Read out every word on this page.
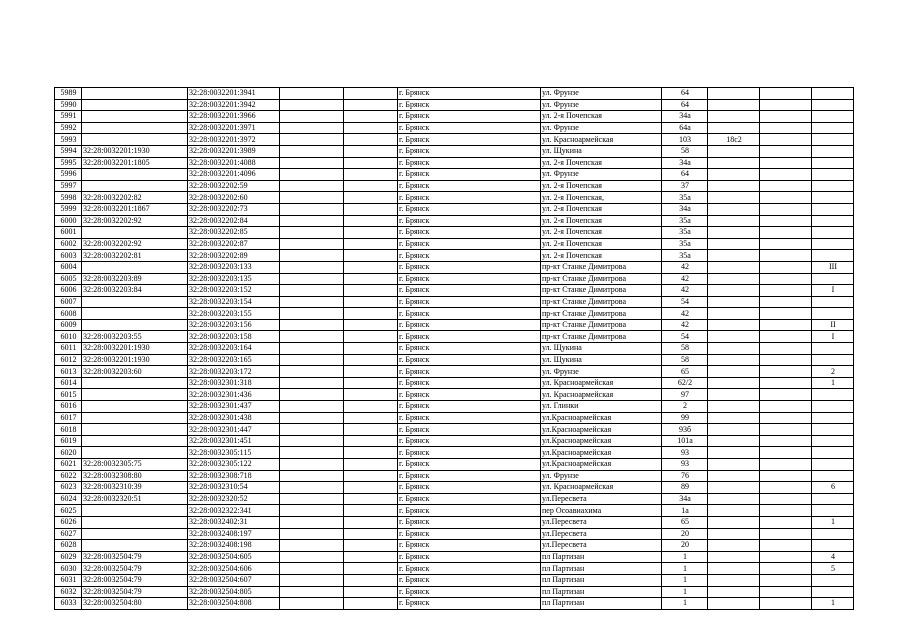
5989		32:28:0032201:3941			г. Брянск	ул. Фрунзе	64				
5990		32:28:0032201:3942			г. Брянск	ул. Фрунзе	64				
5991		32:28:0032201:3966			г. Брянск	ул. 2-я Почепская	34а				
5992		32:28:0032201:3971			г. Брянск	ул. Фрунзе	64а				
5993		32:28:0032201:3972			г. Брянск	ул. Красноармейская	103	18с2			
5994	32:28:0032201:1930	32:28:0032201:3989			г. Брянск	ул. Щукина	58				
5995	32:28:0032201:1805	32:28:0032201:4088			г. Брянск	ул. 2-я Почепская	34а				
5996		32:28:0032201:4096			г. Брянск	ул. Фрунзе	64				
5997		32:28:0032202:59			г. Брянск	ул. 2-я Почепская	37				
5998	32:28:0032202:82	32:28:0032202:60			г. Брянск	ул. 2-я Почепская,	35а				
5999	32:28:0032201:1867	32:28:0032202:73			г. Брянск	ул. 2-я Почепская	34а				
6000	32:28:0032202:92	32:28:0032202:84			г. Брянск	ул. 2-я Почепская	35а				
6001		32:28:0032202:85			г. Брянск	ул. 2-я Почепская	35а				
6002	32:28:0032202:92	32:28:0032202:87			г. Брянск	ул. 2-я Почепская	35а				
6003	32:28:0032202:81	32:28:0032202:89			г. Брянск	ул. 2-я Почепская	35а				
6004		32:28:0032203:133			г. Брянск	пр-кт Станке Димитрова	42				III
6005	32:28:0032203:89	32:28:0032203:135			г. Брянск	пр-кт Станке Димитрова	42				
6006	32:28:0032203:84	32:28:0032203:152			г. Брянск	пр-кт Станке Димитрова	42				I
6007		32:28:0032203:154			г. Брянск	пр-кт Станке Димитрова	54				
6008		32:28:0032203:155			г. Брянск	пр-кт Станке Димитрова	42				
6009		32:28:0032203:156			г. Брянск	пр-кт Станке Димитрова	42				II
6010	32:28:0032203:55	32:28:0032203:158			г. Брянск	пр-кт Станке Димитрова	54				I
6011	32:28:0032201:1930	32:28:0032203:164			г. Брянск	ул. Щукина	58				
6012	32:28:0032201:1930	32:28:0032203:165			г. Брянск	ул. Щукина	58				
6013	32:28:0032203:60	32:28:0032203:172			г. Брянск	ул. Фрунзе	65				2
6014		32:28:0032301:318			г. Брянск	ул. Красноармейская	62/2				1
6015		32:28:0032301:436			г. Брянск	ул. Красноармейская	97				
6016		32:28:0032301:437			г. Брянск	ул. Глинки	2				
6017		32:28:0032301:438			г. Брянск	ул.Красноармейская	99				
6018		32:28:0032301:447			г. Брянск	ул.Красноармейская	93б				
6019		32:28:0032301:451			г. Брянск	ул.Красноармейская	101а				
6020		32:28:0032305:115			г. Брянск	ул.Красноармейская	93				
6021	32:28:0032305:75	32:28:0032305:122			г. Брянск	ул.Красноармейская	93				
6022	32:28:0032308:80	32:28:0032308:718			г. Брянск	ул. Фрунзе	76				
6023	32:28:0032310:39	32:28:0032310:54			г. Брянск	ул. Красноармейская	89				6
6024	32:28:0032320:51	32:28:0032320:52			г. Брянск	ул.Пересвета	34а				
6025		32:28:0032322:341			г. Брянск	пер Осоавиахима	1а				
6026		32:28:0032402:31			г. Брянск	ул.Пересвета	65				1
6027		32:28:0032408:197			г. Брянск	ул.Пересвета	20				
6028		32:28:0032408:198			г. Брянск	ул.Пересвета	20				
6029	32:28:0032504:79	32:28:0032504:605			г. Брянск	пл Партизан	1				4
6030	32:28:0032504:79	32:28:0032504:606			г. Брянск	пл Партизан	1				5
6031	32:28:0032504:79	32:28:0032504:607			г. Брянск	пл Партизан	1				
6032	32:28:0032504:79	32:28:0032504:805			г. Брянск	пл Партизан	1				
6033	32:28:0032504:80	32:28:0032504:808			г. Брянск	пл Партизан	1				1
